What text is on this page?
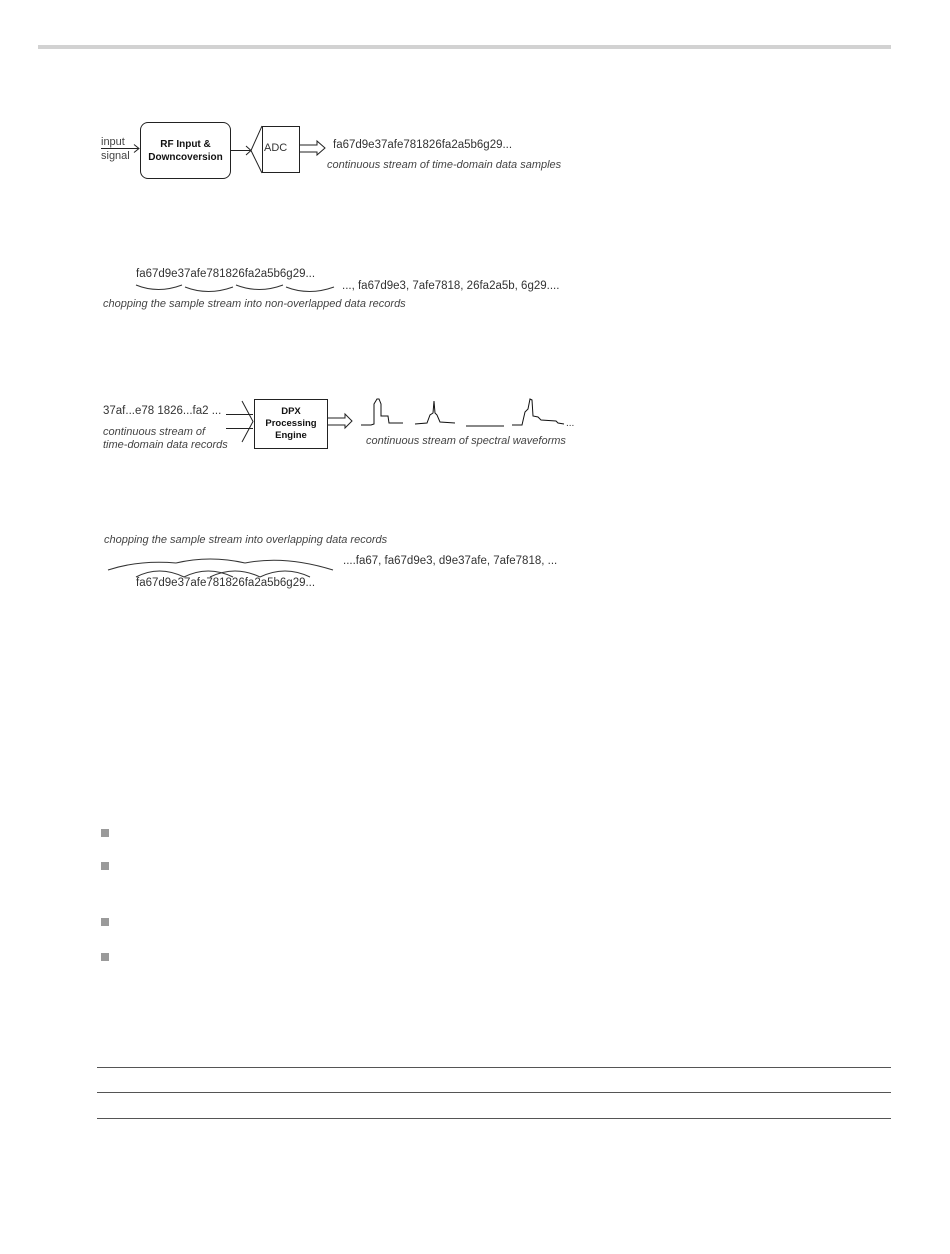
input
signal
RF Input &
Downcoversion
ADC	fa67d9e37afe781826fa2a5b6g29...
continuous stream of time-domain data samples
fa67d9e37afe781826fa2a5b6g29...
..., fa67d9e3, 7afe7818, 26fa2a5b, 6g29....
chopping the sample stream into non-overlapped data records
37af...e78 1826...fa2 ...
continuous stream of
time-domain data records
DPX
Processing
Engine
...
continuous stream of spectral waveforms
chopping the sample stream into overlapping data records
....fa67, fa67d9e3, d9e37afe, 7afe7818, ...
fa67d9e37afe781826fa2a5b6g29...
